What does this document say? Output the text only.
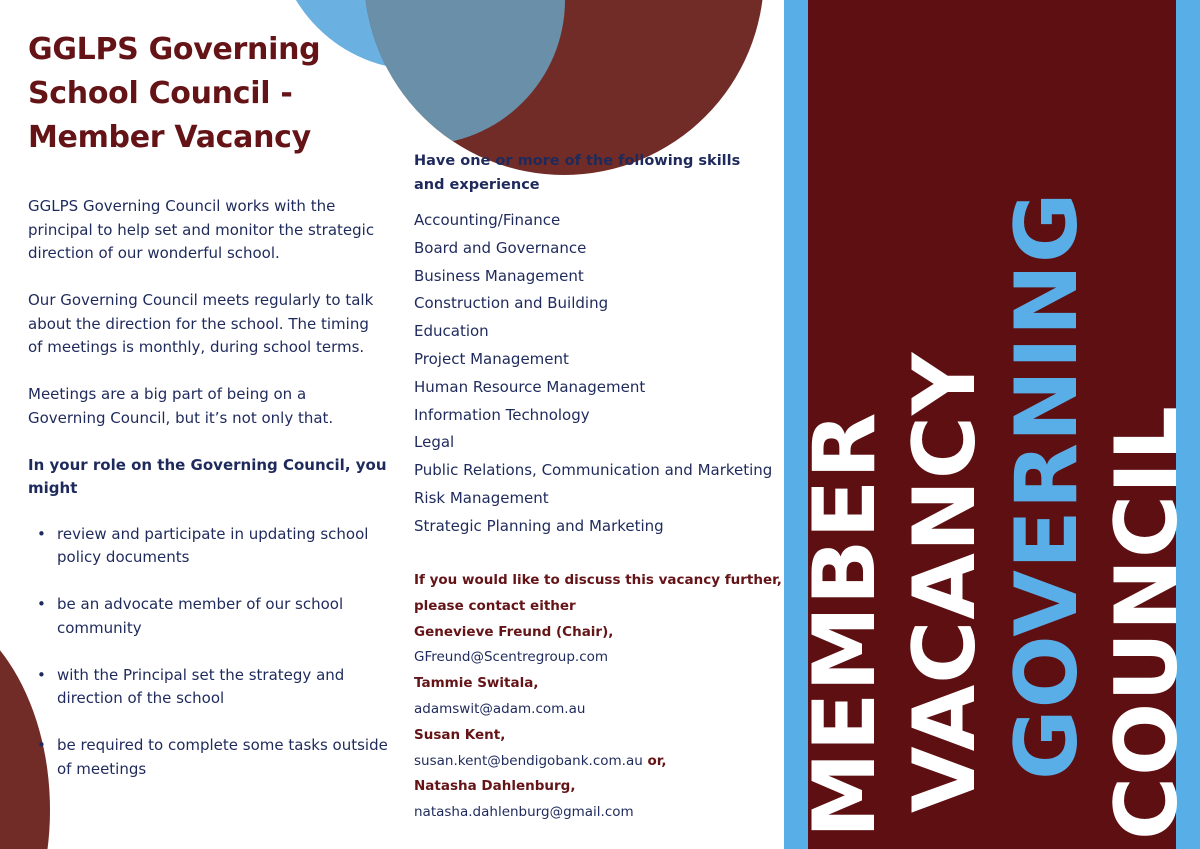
GGLPS Governing School Council - Member Vacancy

GGLPS Governing Council works with the principal to help set and monitor the strategic direction of our wonderful school.

Our Governing Council meets regularly to talk about the direction for the school. The timing of meetings is monthly, during school terms.

Meetings are a big part of being on a Governing Council, but it’s not only that.

In your role on the Governing Council, you might

• review and participate in updating school policy documents
• be an advocate member of our school community
• with the Principal set the strategy and direction of the school
• be required to complete some tasks outside of meetings

Have one or more of the following skills and experience

Accounting/Finance
Board and Governance
Business Management
Construction and Building
Education
Project Management
Human Resource Management
Information Technology
Legal
Public Relations, Communication and Marketing
Risk Management
Strategic Planning and Marketing
If you would like to discuss this vacancy further, please contact either
Genevieve Freund (Chair),
GFreund@Scentregroup.com
Tammie Switala,
adamswit@adam.com.au
Susan Kent,
susan.kent@bendigobank.com.au or,
Natasha Dahlenburg,
natasha.dahlenburg@gmail.com	MEMBER VACANCY GOVERNING COUNCIL
